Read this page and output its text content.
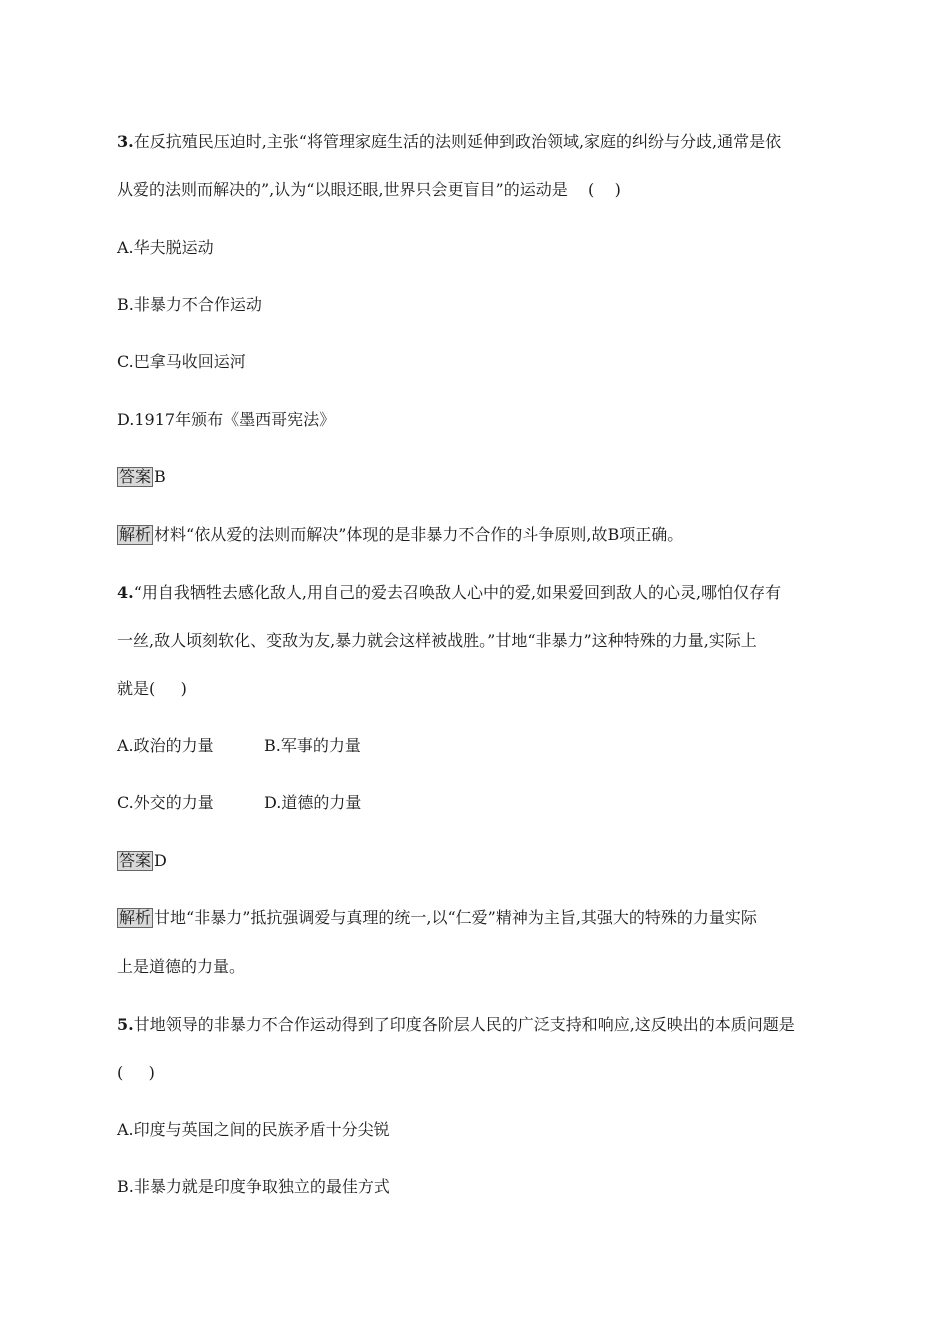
3.在反抗殖民压迫时,主张“将管理家庭生活的法则延伸到政治领域,家庭的纠纷与分歧,通常是依
从爱的法则而解决的”,认为“以眼还眼,世界只会更盲目”的运动是    (    )
A.华夫脱运动
B.非暴力不合作运动
C.巴拿马收回运河
D.1917年颁布《墨西哥宪法》
答案 B
解析 材料“依从爱的法则而解决”体现的是非暴力不合作的斗争原则,故B项正确。
4.“用自我牺牲去感化敌人,用自己的爱去召唤敌人心中的爱,如果爱回到敌人的心灵,哪怕仅存有
一丝,敌人顷刻软化、变敌为友,暴力就会这样被战胜。”甘地“非暴力”这种特殊的力量,实际上
就是(     )
A.政治的力量	B.军事的力量
C.外交的力量	D.道德的力量
答案 D
解析 甘地“非暴力”抵抗强调爱与真理的统一,以“仁爱”精神为主旨,其强大的特殊的力量实际
上是道德的力量。
5.甘地领导的非暴力不合作运动得到了印度各阶层人民的广泛支持和响应,这反映出的本质问题是
(     )
A.印度与英国之间的民族矛盾十分尖锐
B.非暴力就是印度争取独立的最佳方式
